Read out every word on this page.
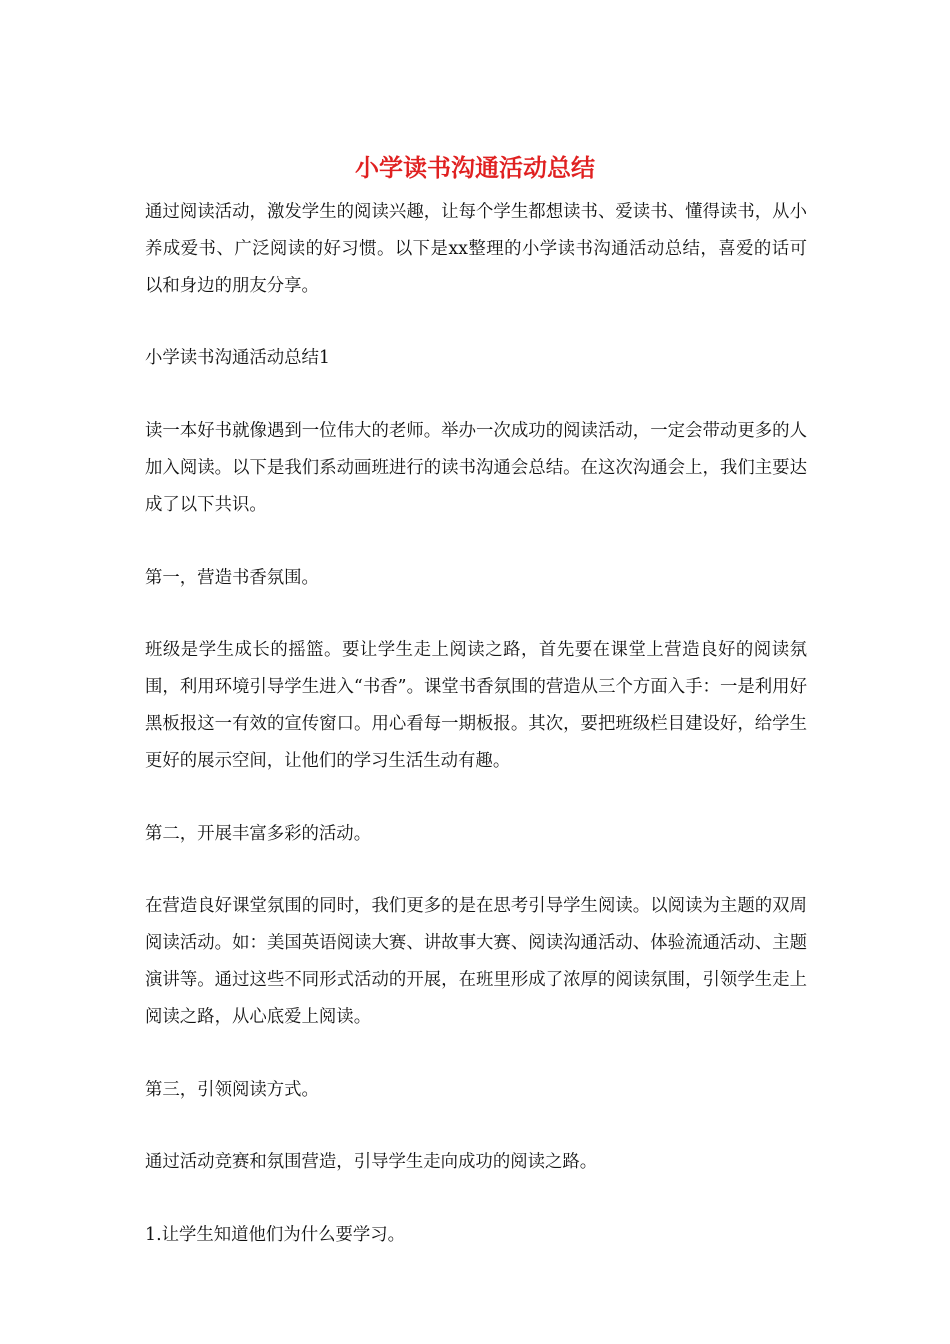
小学读书沟通活动总结

通过阅读活动，激发学生的阅读兴趣，让每个学生都想读书、爱读书、懂得读书，从小养成爱书、广泛阅读的好习惯。以下是xx整理的小学读书沟通活动总结，喜爱的话可以和身边的朋友分享。

小学读书沟通活动总结1

读一本好书就像遇到一位伟大的老师。举办一次成功的阅读活动，一定会带动更多的人加入阅读。以下是我们系动画班进行的读书沟通会总结。在这次沟通会上，我们主要达成了以下共识。

第一，营造书香氛围。

班级是学生成长的摇篮。要让学生走上阅读之路，首先要在课堂上营造良好的阅读氛围，利用环境引导学生进入“书香”。课堂书香氛围的营造从三个方面入手：一是利用好黑板报这一有效的宣传窗口。用心看每一期板报。其次，要把班级栏目建设好，给学生更好的展示空间，让他们的学习生活生动有趣。

第二，开展丰富多彩的活动。

在营造良好课堂氛围的同时，我们更多的是在思考引导学生阅读。以阅读为主题的双周阅读活动。如：美国英语阅读大赛、讲故事大赛、阅读沟通活动、体验流通活动、主题演讲等。通过这些不同形式活动的开展，在班里形成了浓厚的阅读氛围，引领学生走上阅读之路，从心底爱上阅读。

第三，引领阅读方式。

通过活动竞赛和氛围营造，引导学生走向成功的阅读之路。

1.让学生知道他们为什么要学习。
